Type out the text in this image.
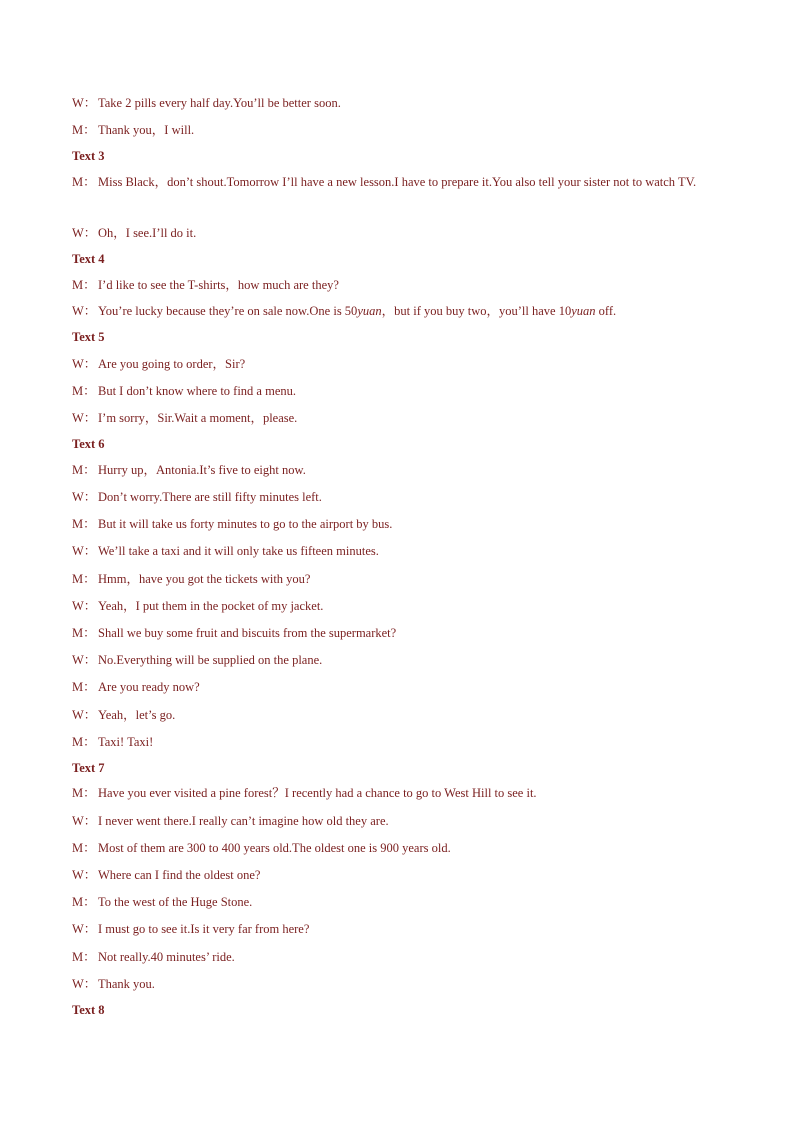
W： Take 2 pills every half day.You’ll be better soon.
M： Thank you，I will.
Text 3
M： Miss Black，don’t shout.Tomorrow I’ll have a new lesson.I have to prepare it.You also tell your sister not to watch TV.
W： Oh，I see.I’ll do it.
Text 4
M： I’d like to see the T-shirts，how much are they?
W： You’re lucky because they’re on sale now.One is 50yuan，but if you buy two，you’ll have 10yuan off.
Text 5
W： Are you going to order，Sir?
M： But I don’t know where to find a menu.
W： I’m sorry，Sir.Wait a moment，please.
Text 6
M： Hurry up，Antonia.It’s five to eight now.
W： Don’t worry.There are still fifty minutes left.
M： But it will take us forty minutes to go to the airport by bus.
W： We’ll take a taxi and it will only take us fifteen minutes.
M： Hmm，have you got the tickets with you?
W： Yeah，I put them in the pocket of my jacket.
M： Shall we buy some fruit and biscuits from the supermarket?
W： No.Everything will be supplied on the plane.
M： Are you ready now?
W： Yeah，let’s go.
M： Taxi! Taxi!
Text 7
M： Have you ever visited a pine forest？I recently had a chance to go to West Hill to see it.
W： I never went there.I really can’t imagine how old they are.
M： Most of them are 300 to 400 years old.The oldest one is 900 years old.
W： Where can I find the oldest one?
M： To the west of the Huge Stone.
W： I must go to see it.Is it very far from here?
M： Not really.40 minutes’ ride.
W： Thank you.
Text 8
